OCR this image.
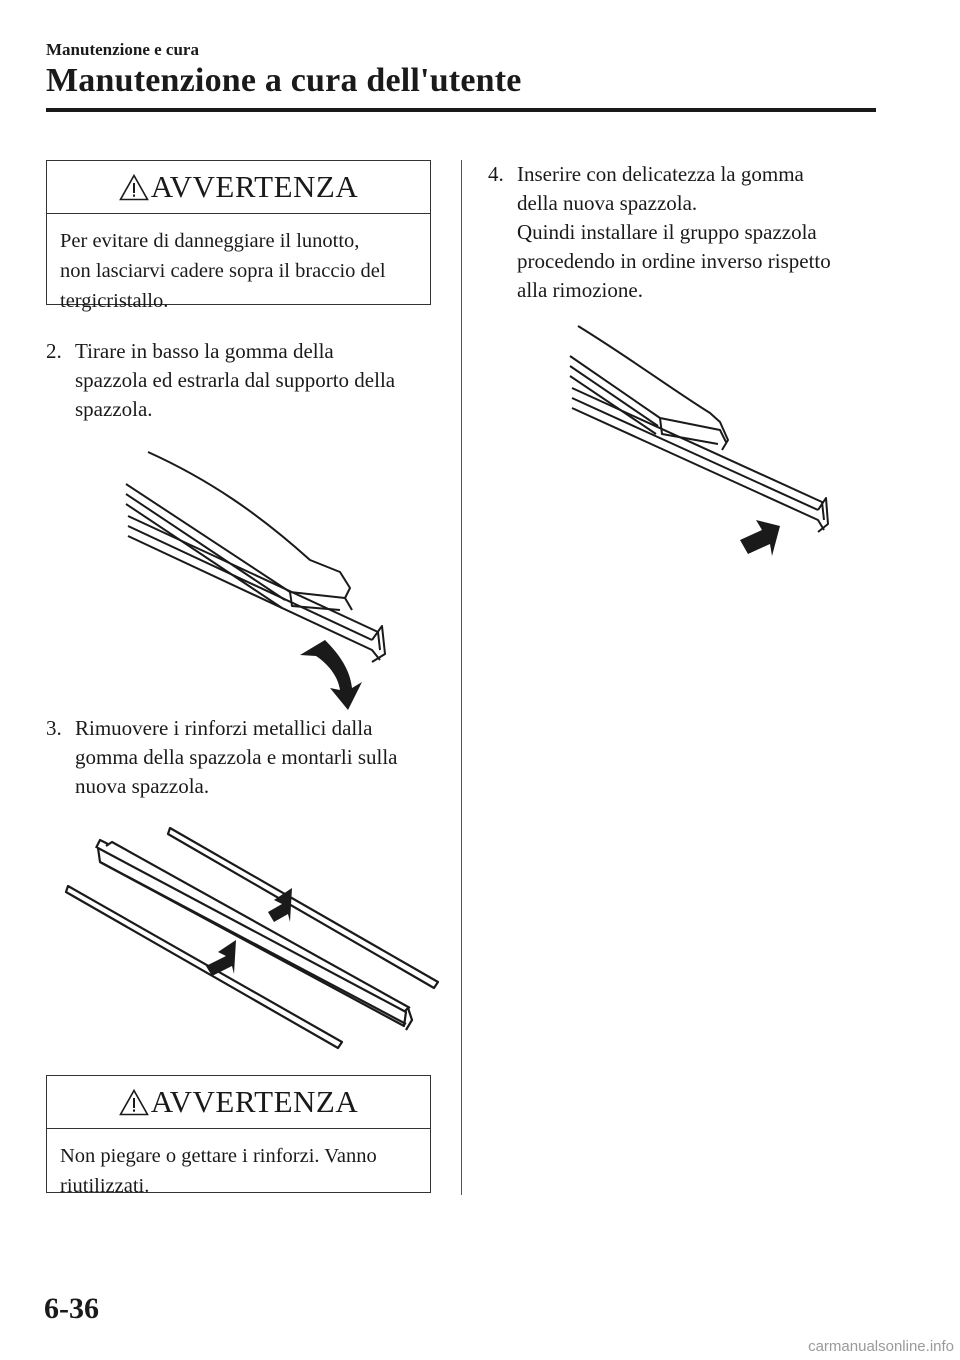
Manutenzione e cura
Manutenzione a cura dell'utente
AVVERTENZA
Per evitare di danneggiare il lunotto,
non lasciarvi cadere sopra il braccio del
tergicristallo.
2. Tirare in basso la gomma della
spazzola ed estrarla dal supporto della
spazzola.
3. Rimuovere i rinforzi metallici dalla
gomma della spazzola e montarli sulla
nuova spazzola.
AVVERTENZA
Non piegare o gettare i rinforzi. Vanno
riutilizzati.
4. Inserire con delicatezza la gomma
della nuova spazzola.
Quindi installare il gruppo spazzola
procedendo in ordine inverso rispetto
alla rimozione.
6-36
carmanualsonline.info
